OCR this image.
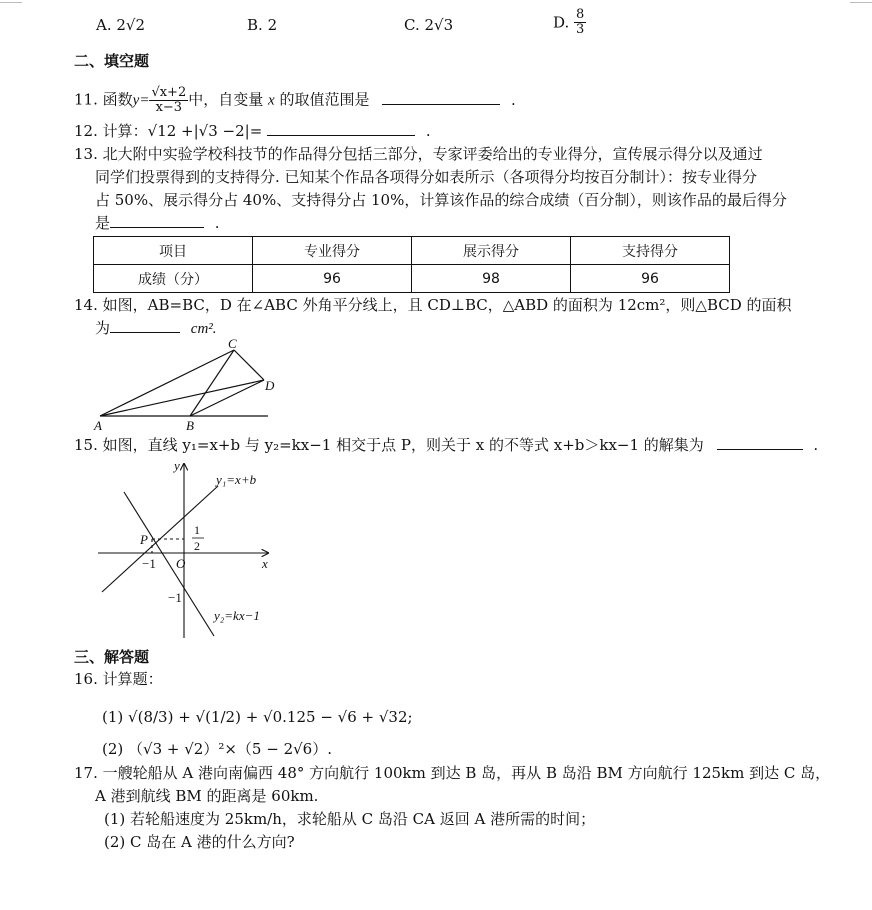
A. 2√2	B. 2	C. 2√3	D. $\frac{8}{3}$
二、填空题
11. 函数$y= \frac{√x+2}{x-3}$ 中，自变量 x 的取值范围是	.
12. 计算：√12 +|√3 −2|=	.
13. 北大附中实验学校科技节的作品得分包括三部分，专家评委给出的专业得分，宣传展示得分以及通过
同学们投票得到的支持得分. 已知某个作品各项得分如表所示（各项得分均按百分制计）：按专业得分
占 50%、展示得分占 40%、支持得分占 10%，计算该作品的综合成绩（百分制），则该作品的最后得分
是	.
项目	专业得分	展示得分	支持得分
成绩（分）	96	98	96
14. 如图，AB=BC，D 在∠ABC 外角平分线上，且 CD⊥BC，△ABD 的面积为 12cm²，则△BCD 的面积
为	cm².
A	B
C
D
15. 如图，直线 y₁=x+b 与 y₂=kx−1 相交于点 P，则关于 x 的不等式 x+b＞kx−1 的解集为	.
y
x
O
P
−1
−1
1
2
y₁=x+b
y₂=kx−1
三、解答题
16. 计算题：
(1) √(8/3) + √(1/2) + √0.125 − √6 + √32;
(2) （√3 + √2）²×（5 − 2√6）.
17. 一艘轮船从 A 港向南偏西 48° 方向航行 100km 到达 B 岛，再从 B 岛沿 BM 方向航行 125km 到达 C 岛，
A 港到航线 BM 的距离是 60km.
(1) 若轮船速度为 25km/h，求轮船从 C 岛沿 CA 返回 A 港所需的时间；
(2) C 岛在 A 港的什么方向?
